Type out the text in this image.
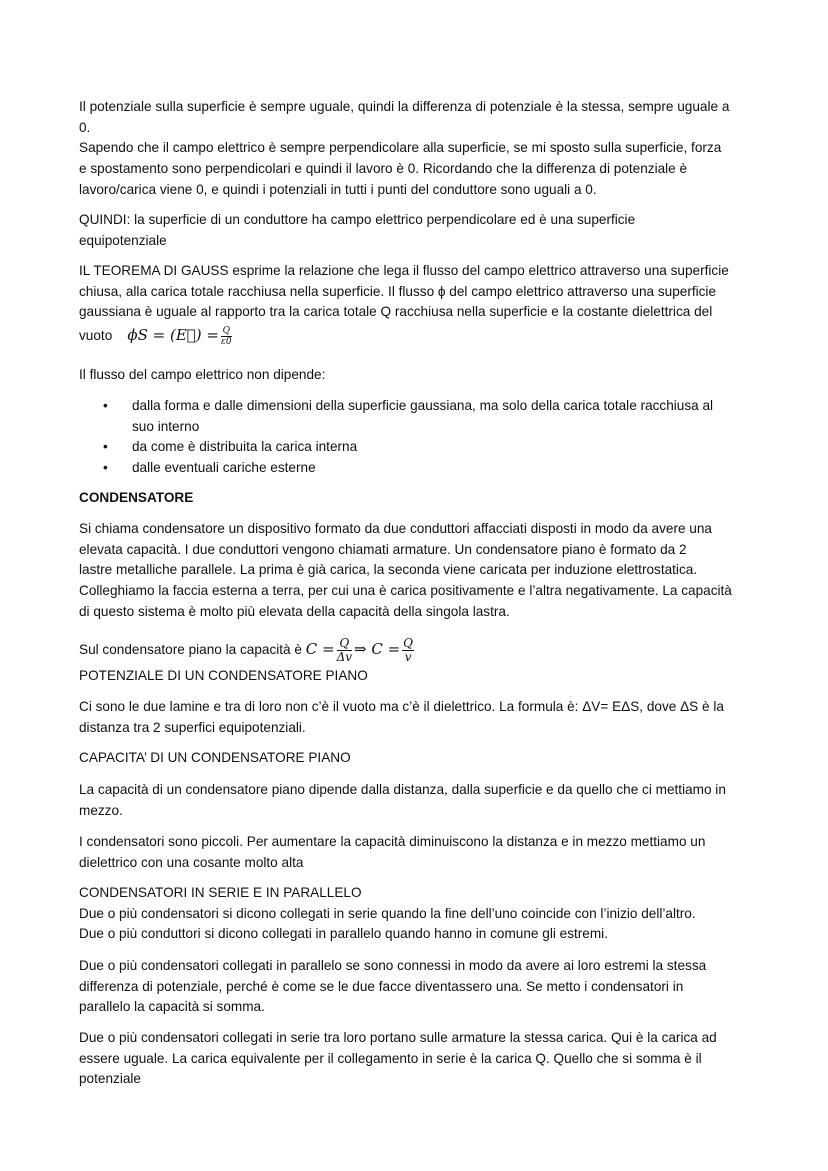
Il potenziale sulla superficie è sempre uguale, quindi la differenza di potenziale è la stessa, sempre uguale a
0.
Sapendo che il campo elettrico è sempre perpendicolare alla superficie, se mi sposto sulla superficie, forza
e spostamento sono perpendicolari e quindi il lavoro è 0. Ricordando che la differenza di potenziale è
lavoro/carica viene 0, e quindi i potenziali in tutti i punti del conduttore sono uguali a 0.
QUINDI: la superficie di un conduttore ha campo elettrico perpendicolare ed è una superficie
equipotenziale
IL TEOREMA DI GAUSS esprime la relazione che lega il flusso del campo elettrico attraverso una superficie
chiusa, alla carica totale racchiusa nella superficie. Il flusso ϕ del campo elettrico attraverso una superficie
gaussiana è uguale al rapporto tra la carica totale Q racchiusa nella superficie e la costante dielettrica del
vuoto ϕS = (E⃗) = $\frac{Q}{\varepsilon 0}$
Il flusso del campo elettrico non dipende:
• dalla forma e dalle dimensioni della superficie gaussiana, ma solo della carica totale racchiusa al
suo interno
• da come è distribuita la carica interna
• dalle eventuali cariche esterne
CONDENSATORE
Si chiama condensatore un dispositivo formato da due conduttori affacciati disposti in modo da avere una
elevata capacità. I due conduttori vengono chiamati armature. Un condensatore piano è formato da 2
lastre metalliche parallele. La prima è già carica, la seconda viene caricata per induzione elettrostatica.
Colleghiamo la faccia esterna a terra, per cui una è carica positivamente e l’altra negativamente. La capacità
di questo sistema è molto più elevata della capacità della singola lastra.
Sul condensatore piano la capacità è $C = \frac{Q}{\Delta v}$ ⇒ $C = \frac{Q}{v}$
POTENZIALE DI UN CONDENSATORE PIANO
Ci sono le due lamine e tra di loro non c’è il vuoto ma c’è il dielettrico. La formula è: ΔV= EΔS, dove ΔS è la
distanza tra 2 superfici equipotenziali.
CAPACITA’ DI UN CONDENSATORE PIANO
La capacità di un condensatore piano dipende dalla distanza, dalla superficie e da quello che ci mettiamo in
mezzo.
I condensatori sono piccoli. Per aumentare la capacità diminuiscono la distanza e in mezzo mettiamo un
dielettrico con una cosante molto alta
CONDENSATORI IN SERIE E IN PARALLELO
Due o più condensatori si dicono collegati in serie quando la fine dell’uno coincide con l’inizio dell’altro.
Due o più conduttori si dicono collegati in parallelo quando hanno in comune gli estremi.
Due o più condensatori collegati in parallelo se sono connessi in modo da avere ai loro estremi la stessa
differenza di potenziale, perché è come se le due facce diventassero una. Se metto i condensatori in
parallelo la capacità si somma.
Due o più condensatori collegati in serie tra loro portano sulle armature la stessa carica. Qui è la carica ad
essere uguale. La carica equivalente per il collegamento in serie è la carica Q. Quello che si somma è il
potenziale
